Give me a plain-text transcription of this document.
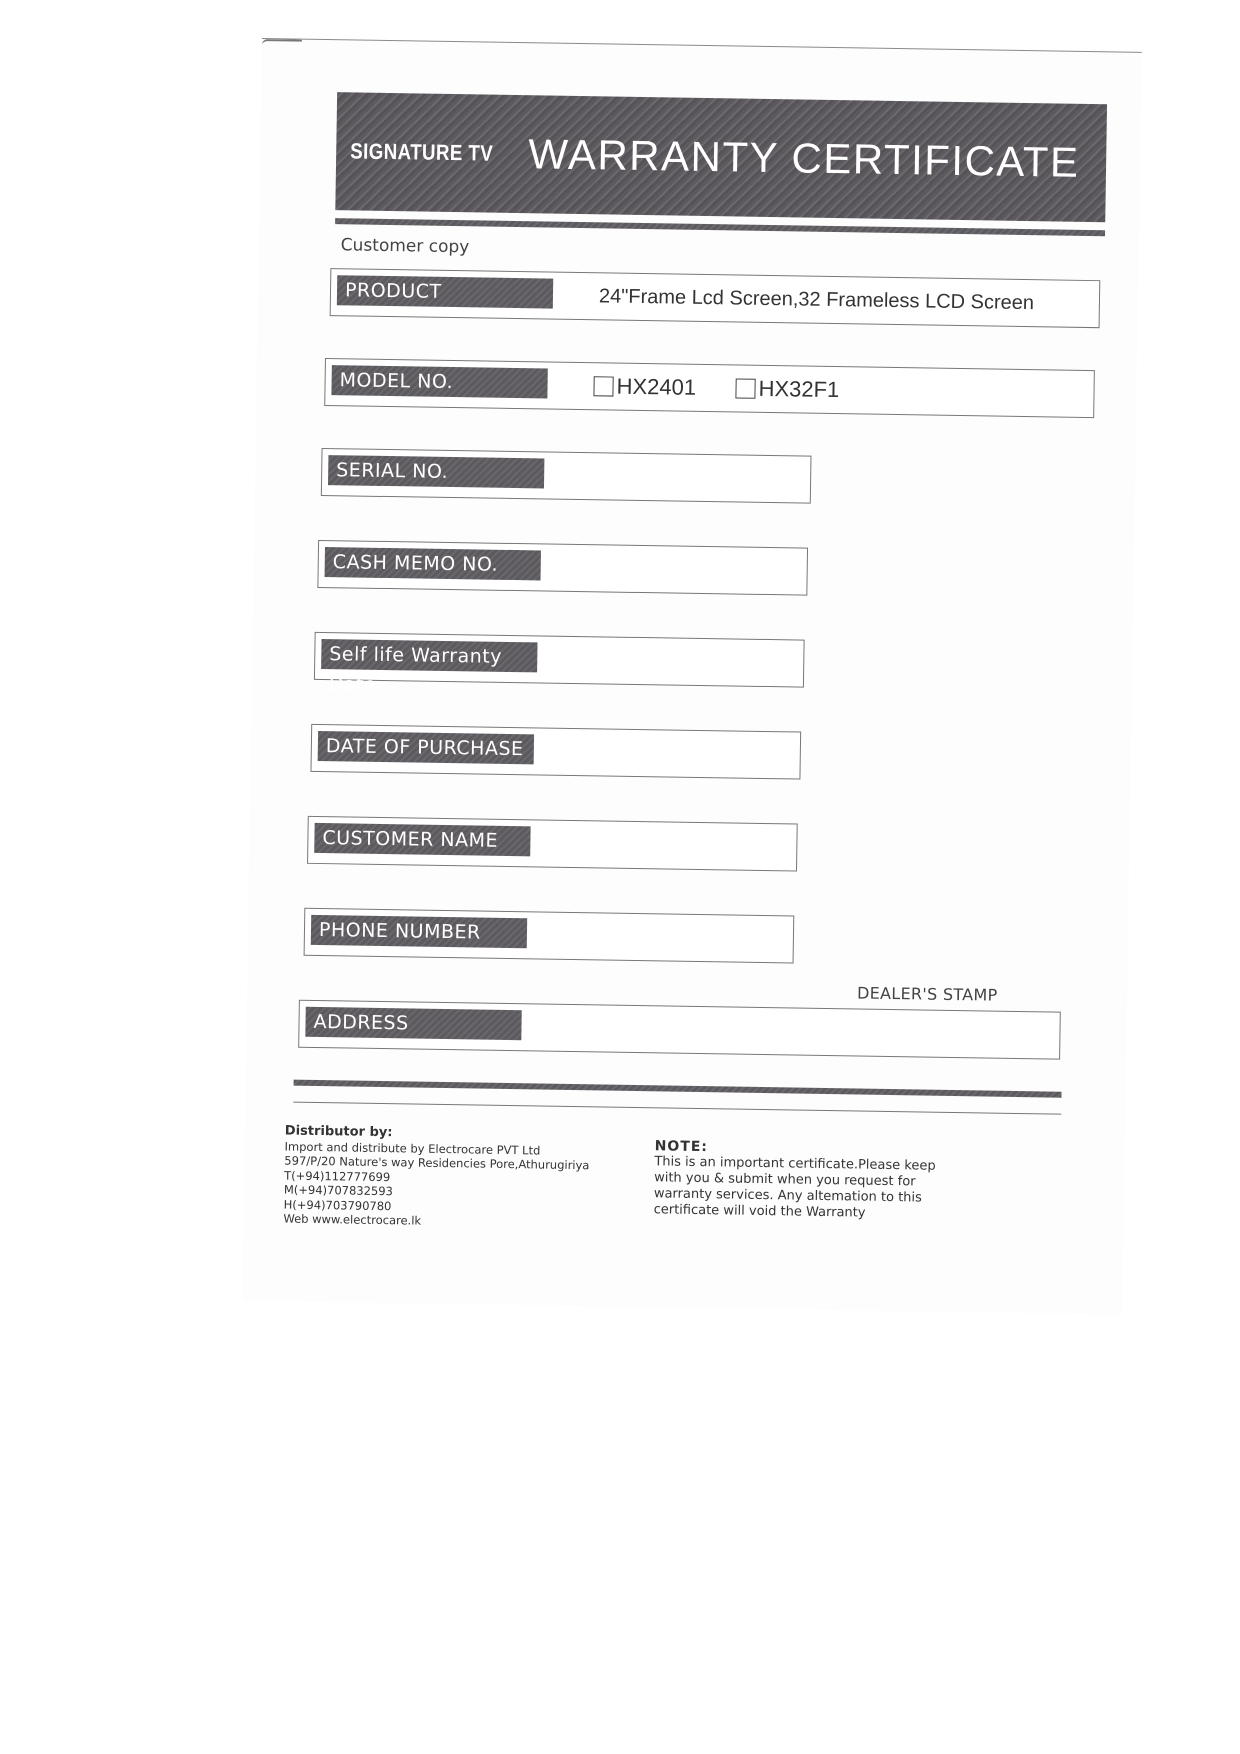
SIGNATURE TV WARRANTY CERTIFICATE
Customer copy
PRODUCT	24"Frame Lcd Screen,32 Frameless LCD Screen
MODEL NO.	HX2401	HX32F1
SERIAL NO.
CASH MEMO NO.
Self life Warranty Date
DATE OF PURCHASE
CUSTOMER NAME
PHONE NUMBER
DEALER'S STAMP
ADDRESS
Distributor by:
Import and distribute by Electrocare PVT Ltd
597/P/20 Nature's way Residencies Pore,Athurugiriya
T(+94)112777699
M(+94)707832593
H(+94)703790780
Web www.electrocare.lk
NOTE:
This is an important certificate.Please keep with you & submit when you request for warranty services. Any altemation to this certificate will void the Warranty
